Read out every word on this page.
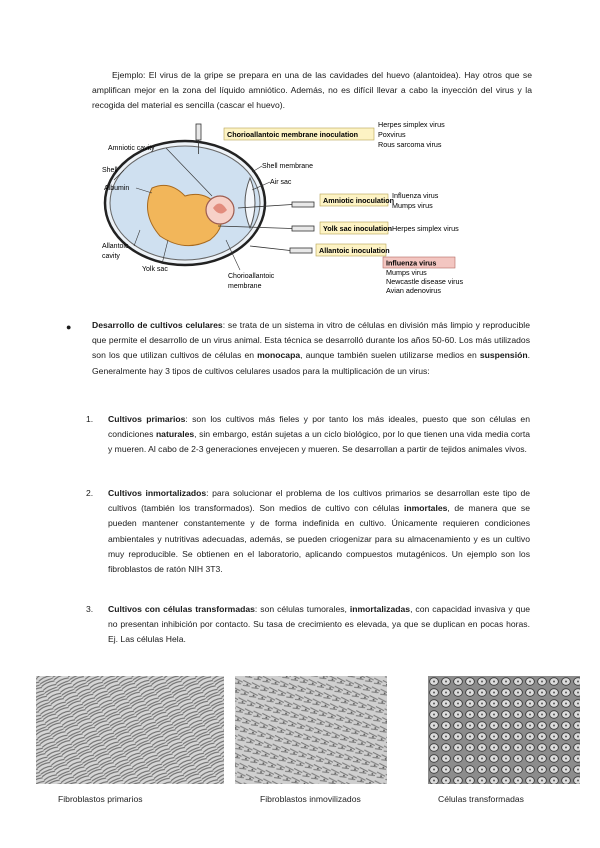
Ejemplo: El virus de la gripe se prepara en una de las cavidades del huevo (alantoidea). Hay otros que se amplifican mejor en la zona del líquido amniótico. Además, no es difícil llevar a cabo la inyección del virus y la recogida del material es sencilla (cascar el huevo).
Amniotic cavity
Shell
Albumin
Allantoic
cavity
Yolk sac
Chorioallantoic
membrane
Shell membrane
Air sac
Chorioallantoic membrane inoculation
Herpes simplex virus
Poxvirus
Rous sarcoma virus
Amniotic inoculation
Influenza virus
Mumps virus
Yolk sac inoculation Herpes simplex virus
Allantoic inoculation
Influenza virus
Mumps virus
Newcastle disease virus
Avian adenovirus
● Desarrollo de cultivos celulares: se trata de un sistema in vitro de células en división más limpio y reproducible que permite el desarrollo de un virus animal. Esta técnica se desarrolló durante los años 50-60. Los más utilizados son los que utilizan cultivos de células en monocapa, aunque también suelen utilizarse medios en suspensión. Generalmente hay 3 tipos de cultivos celulares usados para la multiplicación de un virus:
1. Cultivos primarios: son los cultivos más fieles y por tanto los más ideales, puesto que son células en condiciones naturales, sin embargo, están sujetas a un ciclo biológico, por lo que tienen una vida media corta y mueren. Al cabo de 2-3 generaciones envejecen y mueren. Se desarrollan a partir de tejidos animales vivos.
2. Cultivos inmortalizados: para solucionar el problema de los cultivos primarios se desarrollan este tipo de cultivos (también los transformados). Son medios de cultivo con células inmortales, de manera que se pueden mantener constantemente y de forma indefinida en cultivo. Únicamente requieren condiciones ambientales y nutritivas adecuadas, además, se pueden criogenizar para su almacenamiento y es un cultivo muy reproducible. Se obtienen en el laboratorio, aplicando compuestos mutagénicos. Un ejemplo son los fibroblastos de ratón NIH 3T3.
3. Cultivos con células transformadas: son células tumorales, inmortalizadas, con capacidad invasiva y que no presentan inhibición por contacto. Su tasa de crecimiento es elevada, ya que se duplican en pocas horas. Ej. Las células Hela.
Fibroblastos primarios	Fibroblastos inmovilizados	Células transformadas
